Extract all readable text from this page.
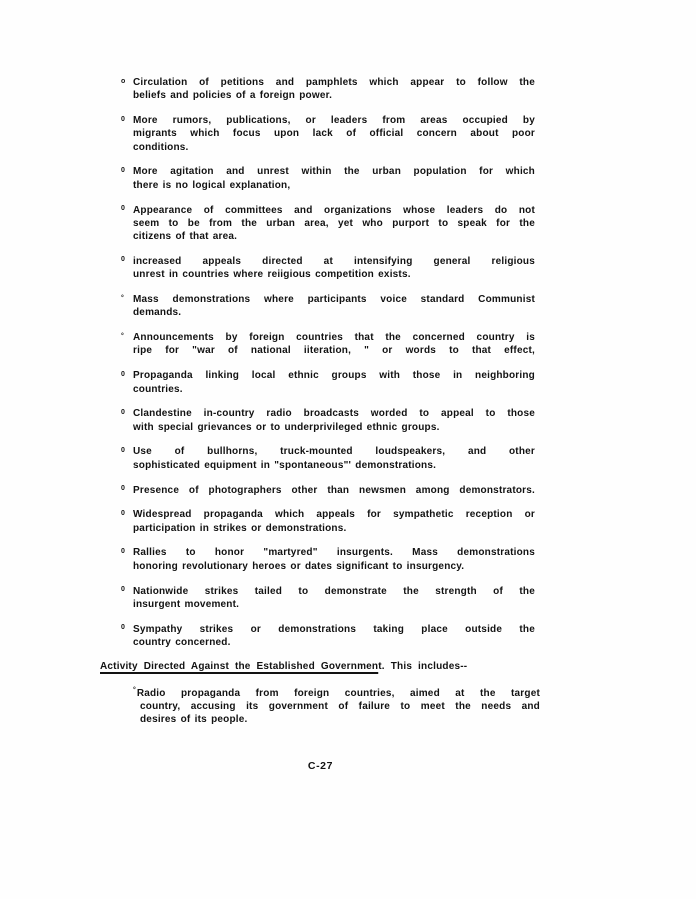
o Circulation of petitions and pamphlets which appear to follow the
beliefs and policies of a foreign power.
0 More rumors, publications, or leaders from areas occupied by
migrants which focus upon lack of official concern about poor
conditions.
0 More agitation and unrest within the urban population for which
there is no logical explanation,
0 Appearance of committees and organizations whose leaders do not
seem to be from the urban area, yet who purport to speak for the
citizens of that area.
0 increased appeals directed at intensifying general religious
unrest in countries where reiigious competition exists.
° Mass demonstrations where participants voice standard Communist
demands.
° Announcements by foreign countries that the concerned country is
ripe for "war of national iiteration, " or words to that effect,
0 Propaganda linking local ethnic groups with those in neighboring
countries.
0 Clandestine in-country radio broadcasts worded to appeal to those
with special grievances or to underprivileged ethnic groups.
0 Use of bullhorns, truck-mounted loudspeakers, and other
sophisticated equipment in "spontaneous"' demonstrations.
0 Presence of photographers other than newsmen among demonstrators.
0 Widespread propaganda which appeals for sympathetic reception or
participation in strikes or demonstrations.
0 Rallies to honor "martyred" insurgents. Mass demonstrations
honoring revolutionary heroes or dates significant to insurgency.
0 Nationwide strikes tailed to demonstrate the strength of the
insurgent movement.
0 Sympathy strikes or demonstrations taking place outside the
country concerned.

Activity Directed Against the Established Government. This includes--

°Radio propaganda from foreign countries, aimed at the target
country, accusing its government of failure to meet the needs and
desires of its people.
C-27
